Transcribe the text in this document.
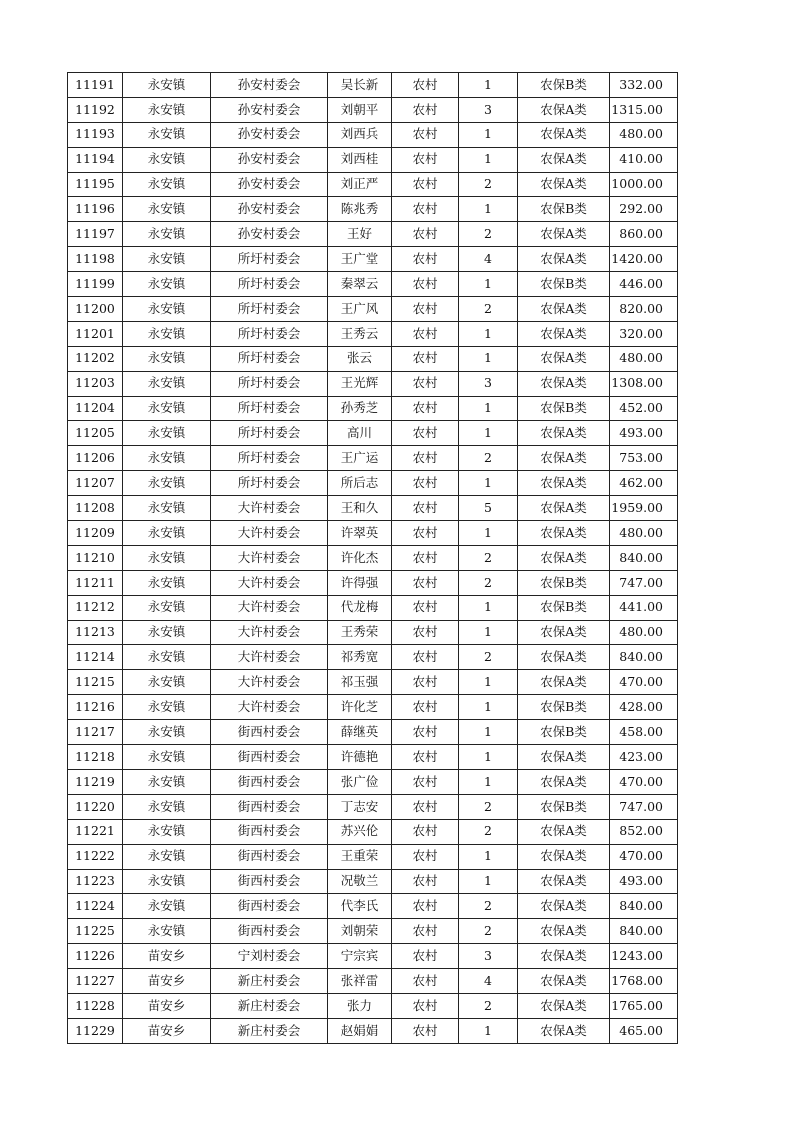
11191	永安镇	孙安村委会	吴长新	农村	1	农保B类	332.00
11192	永安镇	孙安村委会	刘朝平	农村	3	农保A类	1315.00
11193	永安镇	孙安村委会	刘西兵	农村	1	农保A类	480.00
11194	永安镇	孙安村委会	刘西桂	农村	1	农保A类	410.00
11195	永安镇	孙安村委会	刘正严	农村	2	农保A类	1000.00
11196	永安镇	孙安村委会	陈兆秀	农村	1	农保B类	292.00
11197	永安镇	孙安村委会	王好	农村	2	农保A类	860.00
11198	永安镇	所圩村委会	王广堂	农村	4	农保A类	1420.00
11199	永安镇	所圩村委会	秦翠云	农村	1	农保B类	446.00
11200	永安镇	所圩村委会	王广风	农村	2	农保A类	820.00
11201	永安镇	所圩村委会	王秀云	农村	1	农保A类	320.00
11202	永安镇	所圩村委会	张云	农村	1	农保A类	480.00
11203	永安镇	所圩村委会	王光辉	农村	3	农保A类	1308.00
11204	永安镇	所圩村委会	孙秀芝	农村	1	农保B类	452.00
11205	永安镇	所圩村委会	高川	农村	1	农保A类	493.00
11206	永安镇	所圩村委会	王广运	农村	2	农保A类	753.00
11207	永安镇	所圩村委会	所后志	农村	1	农保A类	462.00
11208	永安镇	大许村委会	王和久	农村	5	农保A类	1959.00
11209	永安镇	大许村委会	许翠英	农村	1	农保A类	480.00
11210	永安镇	大许村委会	许化杰	农村	2	农保A类	840.00
11211	永安镇	大许村委会	许得强	农村	2	农保B类	747.00
11212	永安镇	大许村委会	代龙梅	农村	1	农保B类	441.00
11213	永安镇	大许村委会	王秀荣	农村	1	农保A类	480.00
11214	永安镇	大许村委会	祁秀宽	农村	2	农保A类	840.00
11215	永安镇	大许村委会	祁玉强	农村	1	农保A类	470.00
11216	永安镇	大许村委会	许化芝	农村	1	农保B类	428.00
11217	永安镇	街西村委会	薛继英	农村	1	农保B类	458.00
11218	永安镇	街西村委会	许德艳	农村	1	农保A类	423.00
11219	永安镇	街西村委会	张广俭	农村	1	农保A类	470.00
11220	永安镇	街西村委会	丁志安	农村	2	农保B类	747.00
11221	永安镇	街西村委会	苏兴伦	农村	2	农保A类	852.00
11222	永安镇	街西村委会	王重荣	农村	1	农保A类	470.00
11223	永安镇	街西村委会	况敬兰	农村	1	农保A类	493.00
11224	永安镇	街西村委会	代李氏	农村	2	农保A类	840.00
11225	永安镇	街西村委会	刘朝荣	农村	2	农保A类	840.00
11226	苗安乡	宁刘村委会	宁宗宾	农村	3	农保A类	1243.00
11227	苗安乡	新庄村委会	张祥雷	农村	4	农保A类	1768.00
11228	苗安乡	新庄村委会	张力	农村	2	农保A类	1765.00
11229	苗安乡	新庄村委会	赵娟娟	农村	1	农保A类	465.00
